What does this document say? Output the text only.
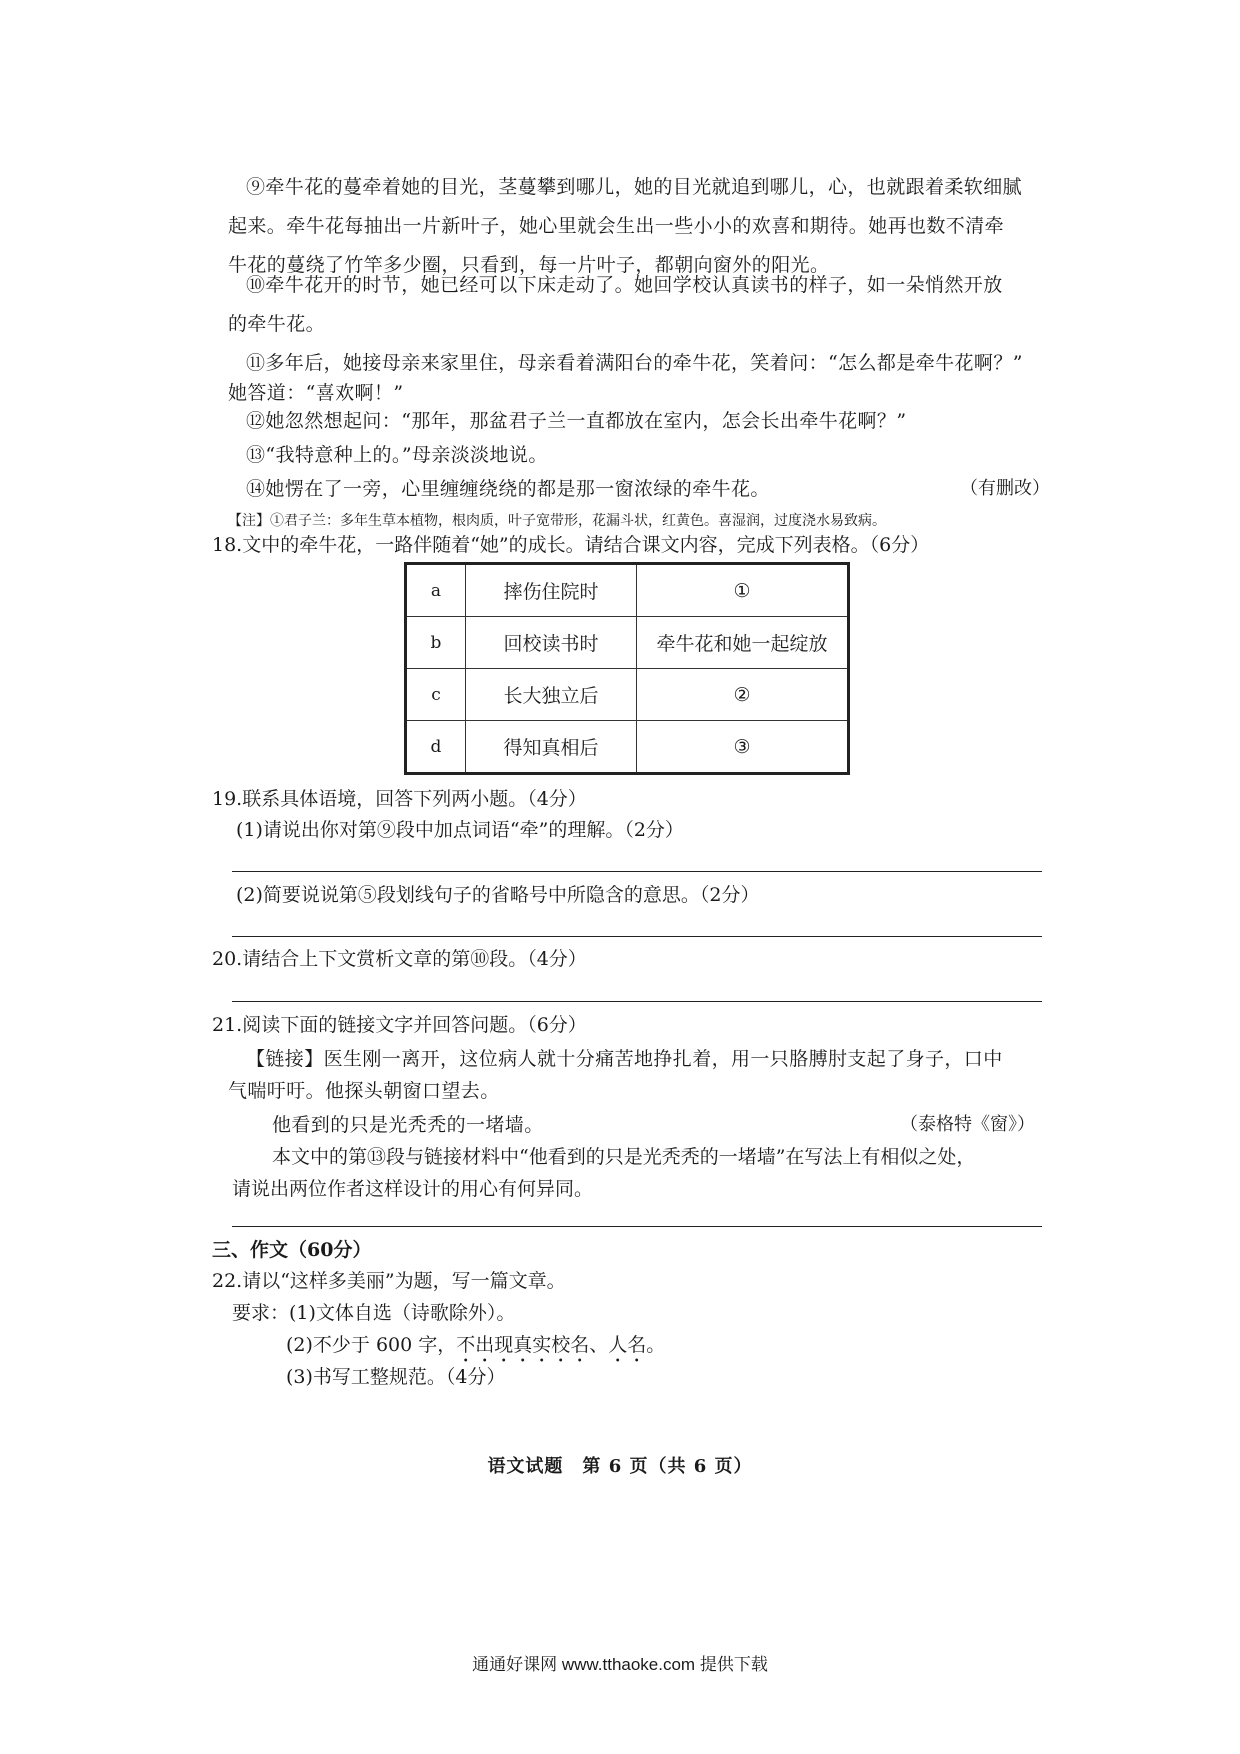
⑨牵牛花的蔓牵着她的目光，茎蔓攀到哪儿，她的目光就追到哪儿，心，也就跟着柔软细腻
起来。牵牛花每抽出一片新叶子，她心里就会生出一些小小的欢喜和期待。她再也数不清牵
牛花的蔓绕了竹竿多少圈，只看到，每一片叶子，都朝向窗外的阳光。
⑩牵牛花开的时节，她已经可以下床走动了。她回学校认真读书的样子，如一朵悄然开放
的牵牛花。
⑪多年后，她接母亲来家里住，母亲看着满阳台的牵牛花，笑着问：“怎么都是牵牛花啊？”
她答道：“喜欢啊！”
⑫她忽然想起问：“那年，那盆君子兰一直都放在室内，怎会长出牵牛花啊？”
⑬“我特意种上的。”母亲淡淡地说。
⑭她愣在了一旁，心里缠缠绕绕的都是那一窗浓绿的牵牛花。	（有删改）
【注】①君子兰：多年生草本植物，根肉质，叶子宽带形，花漏斗状，红黄色。喜湿润，过度浇水易致病。
18.文中的牵牛花，一路伴随着“她”的成长。请结合课文内容，完成下列表格。（6分）
a	摔伤住院时	①
b	回校读书时	牵牛花和她一起绽放
c	长大独立后	②
d	得知真相后	③
19.联系具体语境，回答下列两小题。（4分）
(1)请说出你对第⑨段中加点词语“牵”的理解。（2分）
(2)简要说说第⑤段划线句子的省略号中所隐含的意思。（2分）
20.请结合上下文赏析文章的第⑩段。（4分）
21.阅读下面的链接文字并回答问题。（6分）
【链接】医生刚一离开，这位病人就十分痛苦地挣扎着，用一只胳膊肘支起了身子，口中
气喘吁吁。他探头朝窗口望去。
他看到的只是光秃秃的一堵墙。	（泰格特《窗》）
本文中的第⑬段与链接材料中“他看到的只是光秃秃的一堵墙”在写法上有相似之处，
请说出两位作者这样设计的用心有何异同。
三、作文（60分）
22.请以“这样多美丽”为题，写一篇文章。
要求：(1)文体自选（诗歌除外）。
(2)不少于 600 字，不出现真实校名、人名。
(3)书写工整规范。（4分）
语文试题　第 6 页（共 6 页）
通通好课网 www.tthaoke.com 提供下载
